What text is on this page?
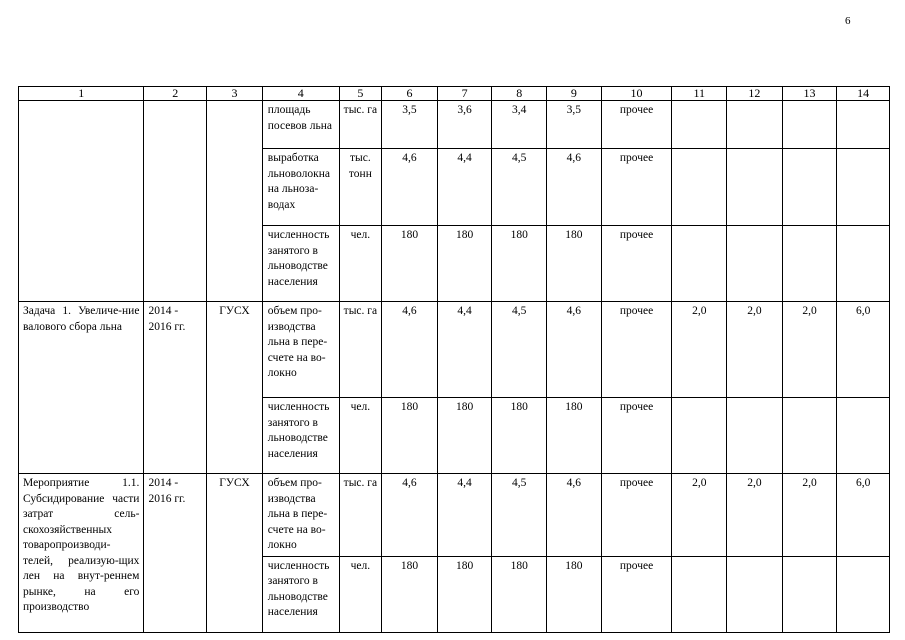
6
1	2	3	4	5	6	7	8	9	10	11	12	13	14
			площадь посевов льна	тыс. га	3,5	3,6	3,4	3,5	прочее				
			выработка льноволокна на льноза-водах	тыс. тонн	4,6	4,4	4,5	4,6	прочее				
			численность занятого в льноводстве населения	чел.	180	180	180	180	прочее				
Задача 1. Увеличе-ние валового сбора льна	2014 - 2016 гг.	ГУСХ	объем про-изводства льна в пере-счете на во-локно	тыс. га	4,6	4,4	4,5	4,6	прочее	2,0	2,0	2,0	6,0
			численность занятого в льноводстве населения	чел.	180	180	180	180	прочее				
Мероприятие 1.1. Субсидирование части затрат сель-скохозяйственных товаропроизводи-телей, реализую-щих лен на внут-реннем рынке, на его производство	2014 - 2016 гг.	ГУСХ	объем про-изводства льна в пере-счете на во-локно	тыс. га	4,6	4,4	4,5	4,6	прочее	2,0	2,0	2,0	6,0
			численность занятого в льноводстве населения	чел.	180	180	180	180	прочее				
